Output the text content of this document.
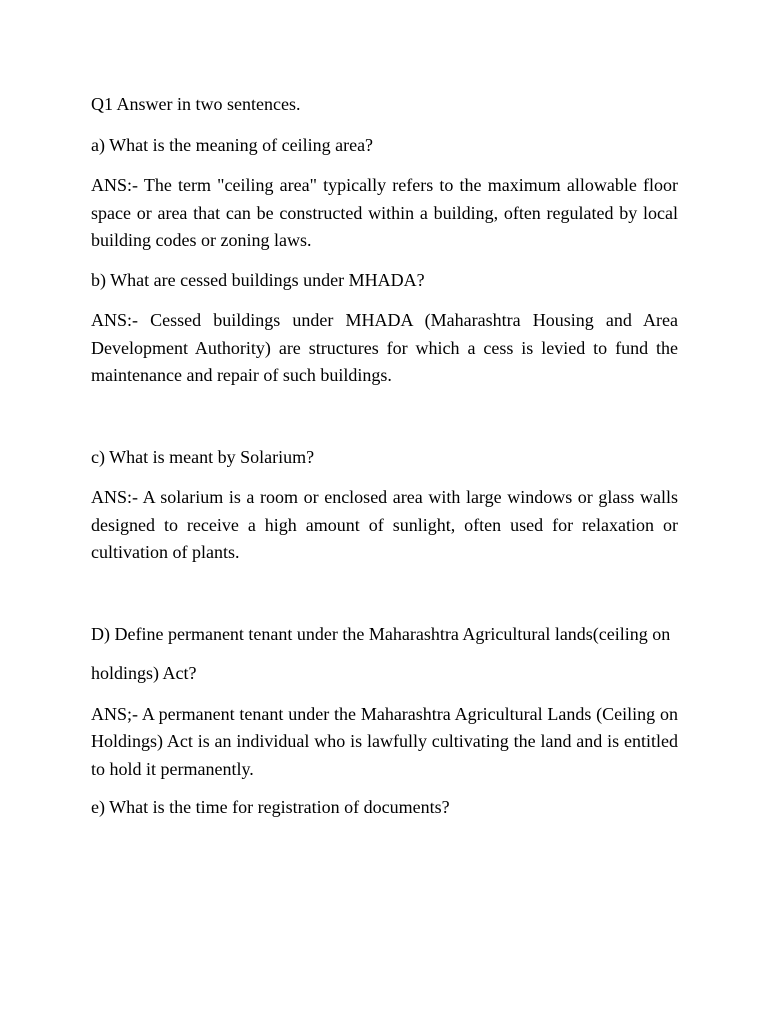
Q1 Answer in two sentences.

a) What is the meaning of ceiling area?

ANS:- The term "ceiling area" typically refers to the maximum allowable floor space or area that can be constructed within a building, often regulated by local building codes or zoning laws.

b) What are cessed buildings under MHADA?

ANS:- Cessed buildings under MHADA (Maharashtra Housing and Area Development Authority) are structures for which a cess is levied to fund the maintenance and repair of such buildings.

c) What is meant by Solarium?

ANS:- A solarium is a room or enclosed area with large windows or glass walls designed to receive a high amount of sunlight, often used for relaxation or cultivation of plants.

D) Define permanent tenant under the Maharashtra Agricultural lands(ceiling on

holdings) Act?

ANS;- A permanent tenant under the Maharashtra Agricultural Lands (Ceiling on Holdings) Act is an individual who is lawfully cultivating the land and is entitled to hold it permanently.

e) What is the time for registration of documents?
